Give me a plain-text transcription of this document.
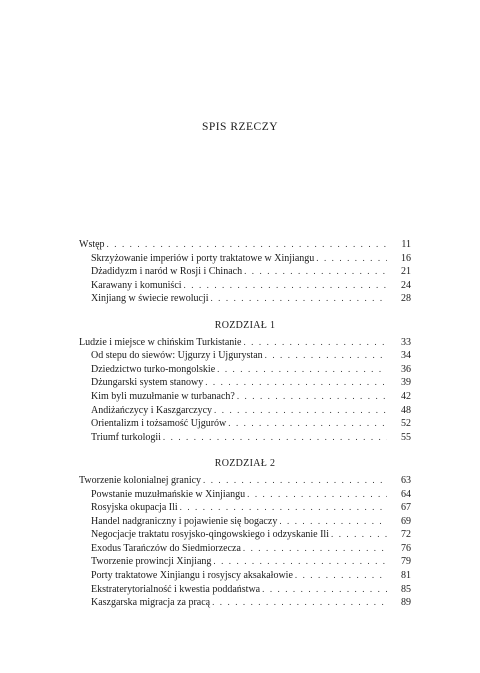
SPIS RZECZY
Wstęp . . .	11
Skrzyżowanie imperiów i porty traktatowe w Xinjiangu . . .	16
Dżadidyzm i naród w Rosji i Chinach . . .	21
Karawany i komuniści . . .	24
Xinjiang w świecie rewolucji . . .	28
ROZDZIAŁ 1
Ludzie i miejsce w chińskim Turkistanie . . .	33
Od stepu do siewów: Ujgurzy i Ujgurystan . . .	34
Dziedzictwo turko-mongolskie . . .	36
Dżungarski system stanowy . . .	39
Kim byli muzułmanie w turbanach? . . .	42
Andiżańczycy i Kaszgarczycy . . .	48
Orientalizm i tożsamość Ujgurów . . .	52
Triumf turkologii . . .	55
ROZDZIAŁ 2
Tworzenie kolonialnej granicy . . .	63
Powstanie muzułmańskie w Xinjiangu . . .	64
Rosyjska okupacja Ili . . .	67
Handel nadgraniczny i pojawienie się bogaczy . . .	69
Negocjacje traktatu rosyjsko-qingowskiego i odzyskanie Ili . . .	72
Exodus Tarańczów do Siedmiorzecza . . .	76
Tworzenie prowincji Xinjiang . . .	79
Porty traktatowe Xinjiangu i rosyjscy aksakałowie . . .	81
Ekstraterytorialność i kwestia poddaństwa . . .	85
Kaszgarska migracja za pracą . . .	89
